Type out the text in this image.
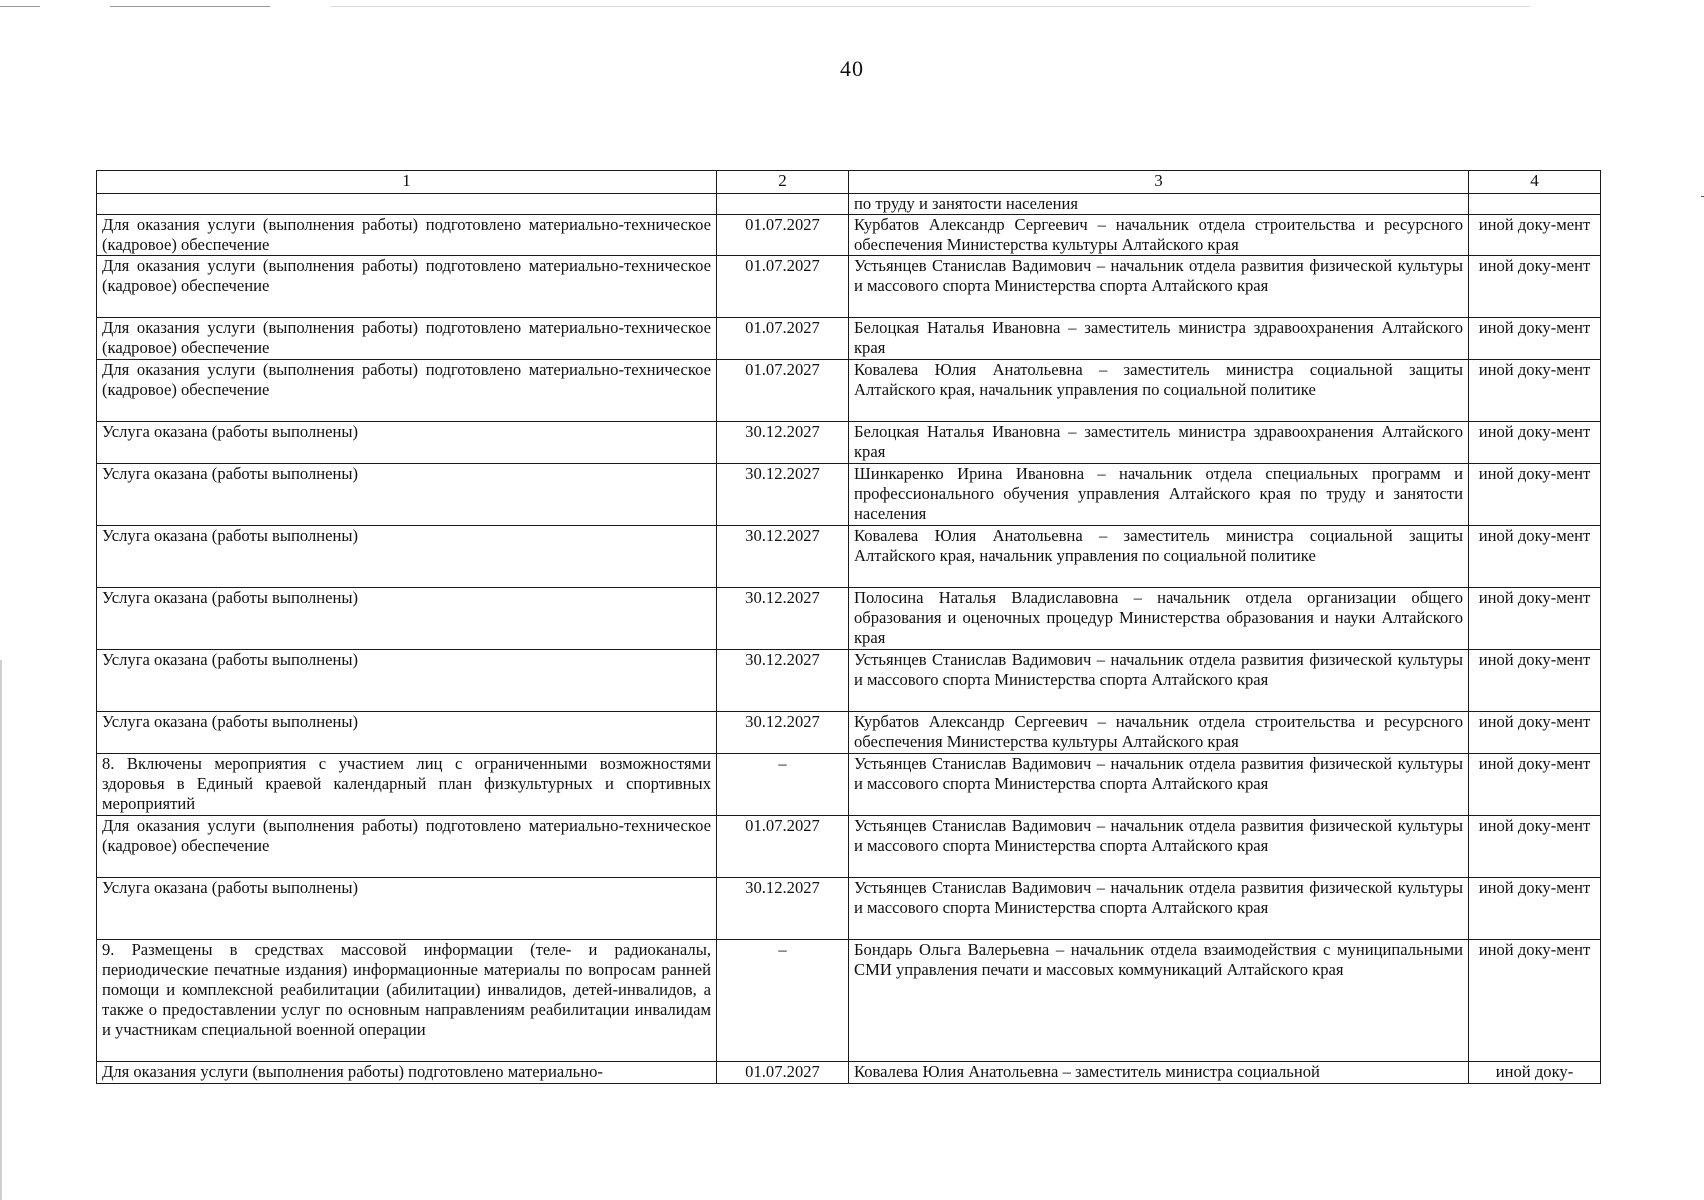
40
1	2	3	4
		по труду и занятости населения	
Для оказания услуги (выполнения работы) подготовлено материально-техническое (кадровое) обеспечение	01.07.2027	Курбатов Александр Сергеевич – начальник отдела строительства и ресурсного обеспечения Министерства культуры Алтайского края	иной доку-мент
Для оказания услуги (выполнения работы) подготовлено материально-техническое (кадровое) обеспечение	01.07.2027	Устьянцев Станислав Вадимович – начальник отдела развития физической культуры и массового спорта Министерства спорта Алтайского края	иной доку-мент
Для оказания услуги (выполнения работы) подготовлено материально-техническое (кадровое) обеспечение	01.07.2027	Белоцкая Наталья Ивановна – заместитель министра здравоохранения Алтайского края	иной доку-мент
Для оказания услуги (выполнения работы) подготовлено материально-техническое (кадровое) обеспечение	01.07.2027	Ковалева Юлия Анатольевна – заместитель министра социальной защиты Алтайского края, начальник управления по социальной политике	иной доку-мент
Услуга оказана (работы выполнены)	30.12.2027	Белоцкая Наталья Ивановна – заместитель министра здравоохранения Алтайского края	иной доку-мент
Услуга оказана (работы выполнены)	30.12.2027	Шинкаренко Ирина Ивановна – начальник отдела специальных программ и профессионального обучения управления Алтайского края по труду и занятости населения	иной доку-мент
Услуга оказана (работы выполнены)	30.12.2027	Ковалева Юлия Анатольевна – заместитель министра социальной защиты Алтайского края, начальник управления по социальной политике	иной доку-мент
Услуга оказана (работы выполнены)	30.12.2027	Полосина Наталья Владиславовна – начальник отдела организации общего образования и оценочных процедур Министерства образования и науки Алтайского края	иной доку-мент
Услуга оказана (работы выполнены)	30.12.2027	Устьянцев Станислав Вадимович – начальник отдела развития физической культуры и массового спорта Министерства спорта Алтайского края	иной доку-мент
Услуга оказана (работы выполнены)	30.12.2027	Курбатов Александр Сергеевич – начальник отдела строительства и ресурсного обеспечения Министерства культуры Алтайского края	иной доку-мент
8. Включены мероприятия с участием лиц с ограниченными возможностями здоровья в Единый краевой календарный план физкультурных и спортивных мероприятий	–	Устьянцев Станислав Вадимович – начальник отдела развития физической культуры и массового спорта Министерства спорта Алтайского края	иной доку-мент
Для оказания услуги (выполнения работы) подготовлено материально-техническое (кадровое) обеспечение	01.07.2027	Устьянцев Станислав Вадимович – начальник отдела развития физической культуры и массового спорта Министерства спорта Алтайского края	иной доку-мент
Услуга оказана (работы выполнены)	30.12.2027	Устьянцев Станислав Вадимович – начальник отдела развития физической культуры и массового спорта Министерства спорта Алтайского края	иной доку-мент
9. Размещены в средствах массовой информации (теле- и радиоканалы, периодические печатные издания) информационные материалы по вопросам ранней помощи и комплексной реабилитации (абилитации) инвалидов, детей-инвалидов, а также о предоставлении услуг по основным направлениям реабилитации инвалидам и участникам специальной военной операции	–	Бондарь Ольга Валерьевна – начальник отдела взаимодействия с муниципальными СМИ управления печати и массовых коммуникаций Алтайского края	иной доку-мент
Для оказания услуги (выполнения работы) подготовлено материально-	01.07.2027	Ковалева Юлия Анатольевна – заместитель министра социальной	иной доку-
